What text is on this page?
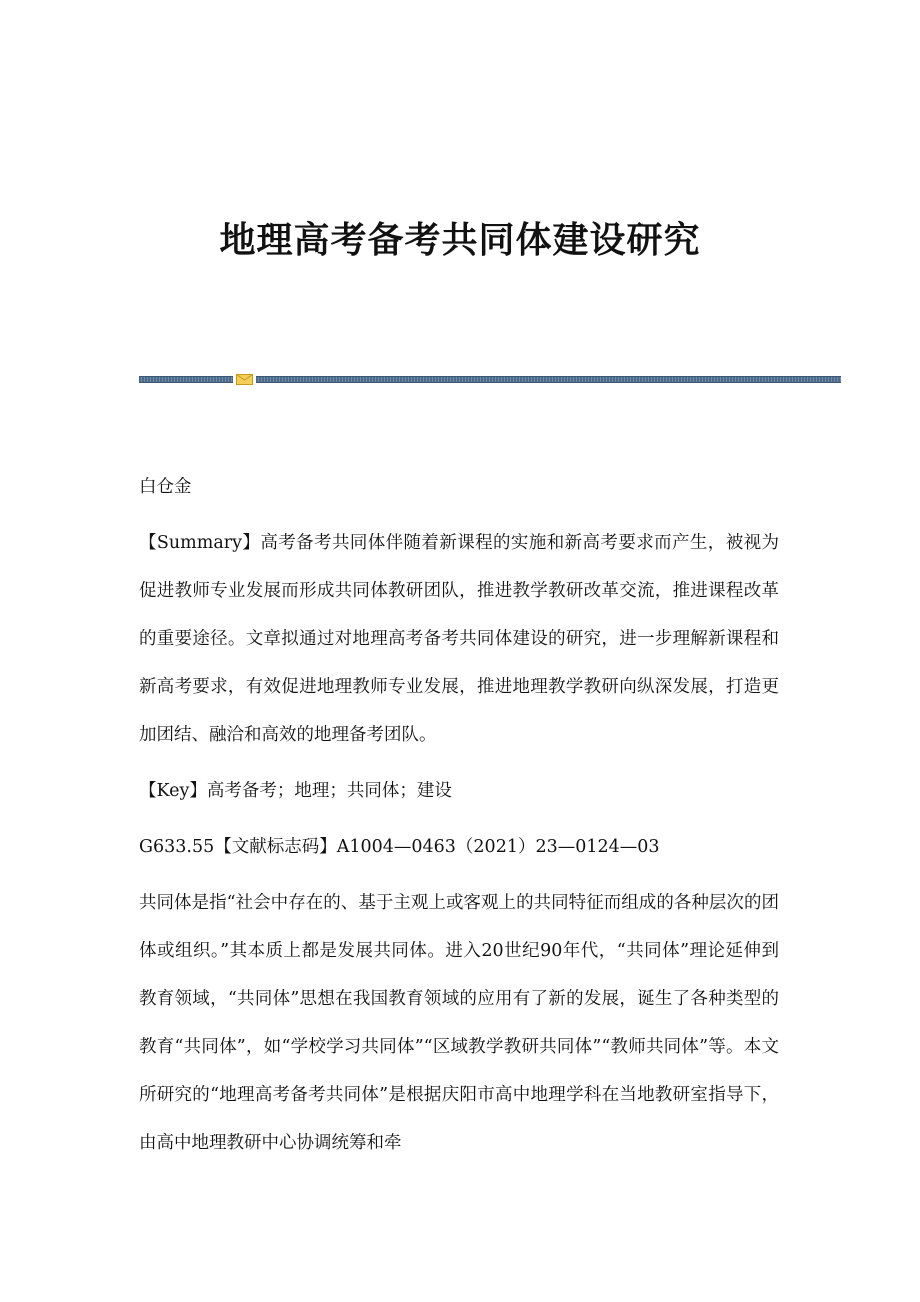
地理高考备考共同体建设研究

白仓金

【Summary】高考备考共同体伴随着新课程的实施和新高考要求而产生，被视为促进教师专业发展而形成共同体教研团队，推进教学教研改革交流，推进课程改革的重要途径。文章拟通过对地理高考备考共同体建设的研究，进一步理解新课程和新高考要求，有效促进地理教师专业发展，推进地理教学教研向纵深发展，打造更加团结、融洽和高效的地理备考团队。

【Key】高考备考；地理；共同体；建设

G633.55【文献标志码】A1004—0463（2021）23—0124—03

共同体是指“社会中存在的、基于主观上或客观上的共同特征而组成的各种层次的团体或组织。”其本质上都是发展共同体。进入20世纪90年代，“共同体”理论延伸到教育领域，“共同体”思想在我国教育领域的应用有了新的发展，诞生了各种类型的教育“共同体”，如“学校学习共同体”“区域教学教研共同体”“教师共同体”等。本文所研究的“地理高考备考共同体”是根据庆阳市高中地理学科在当地教研室指导下，由高中地理教研中心协调统筹和牵
